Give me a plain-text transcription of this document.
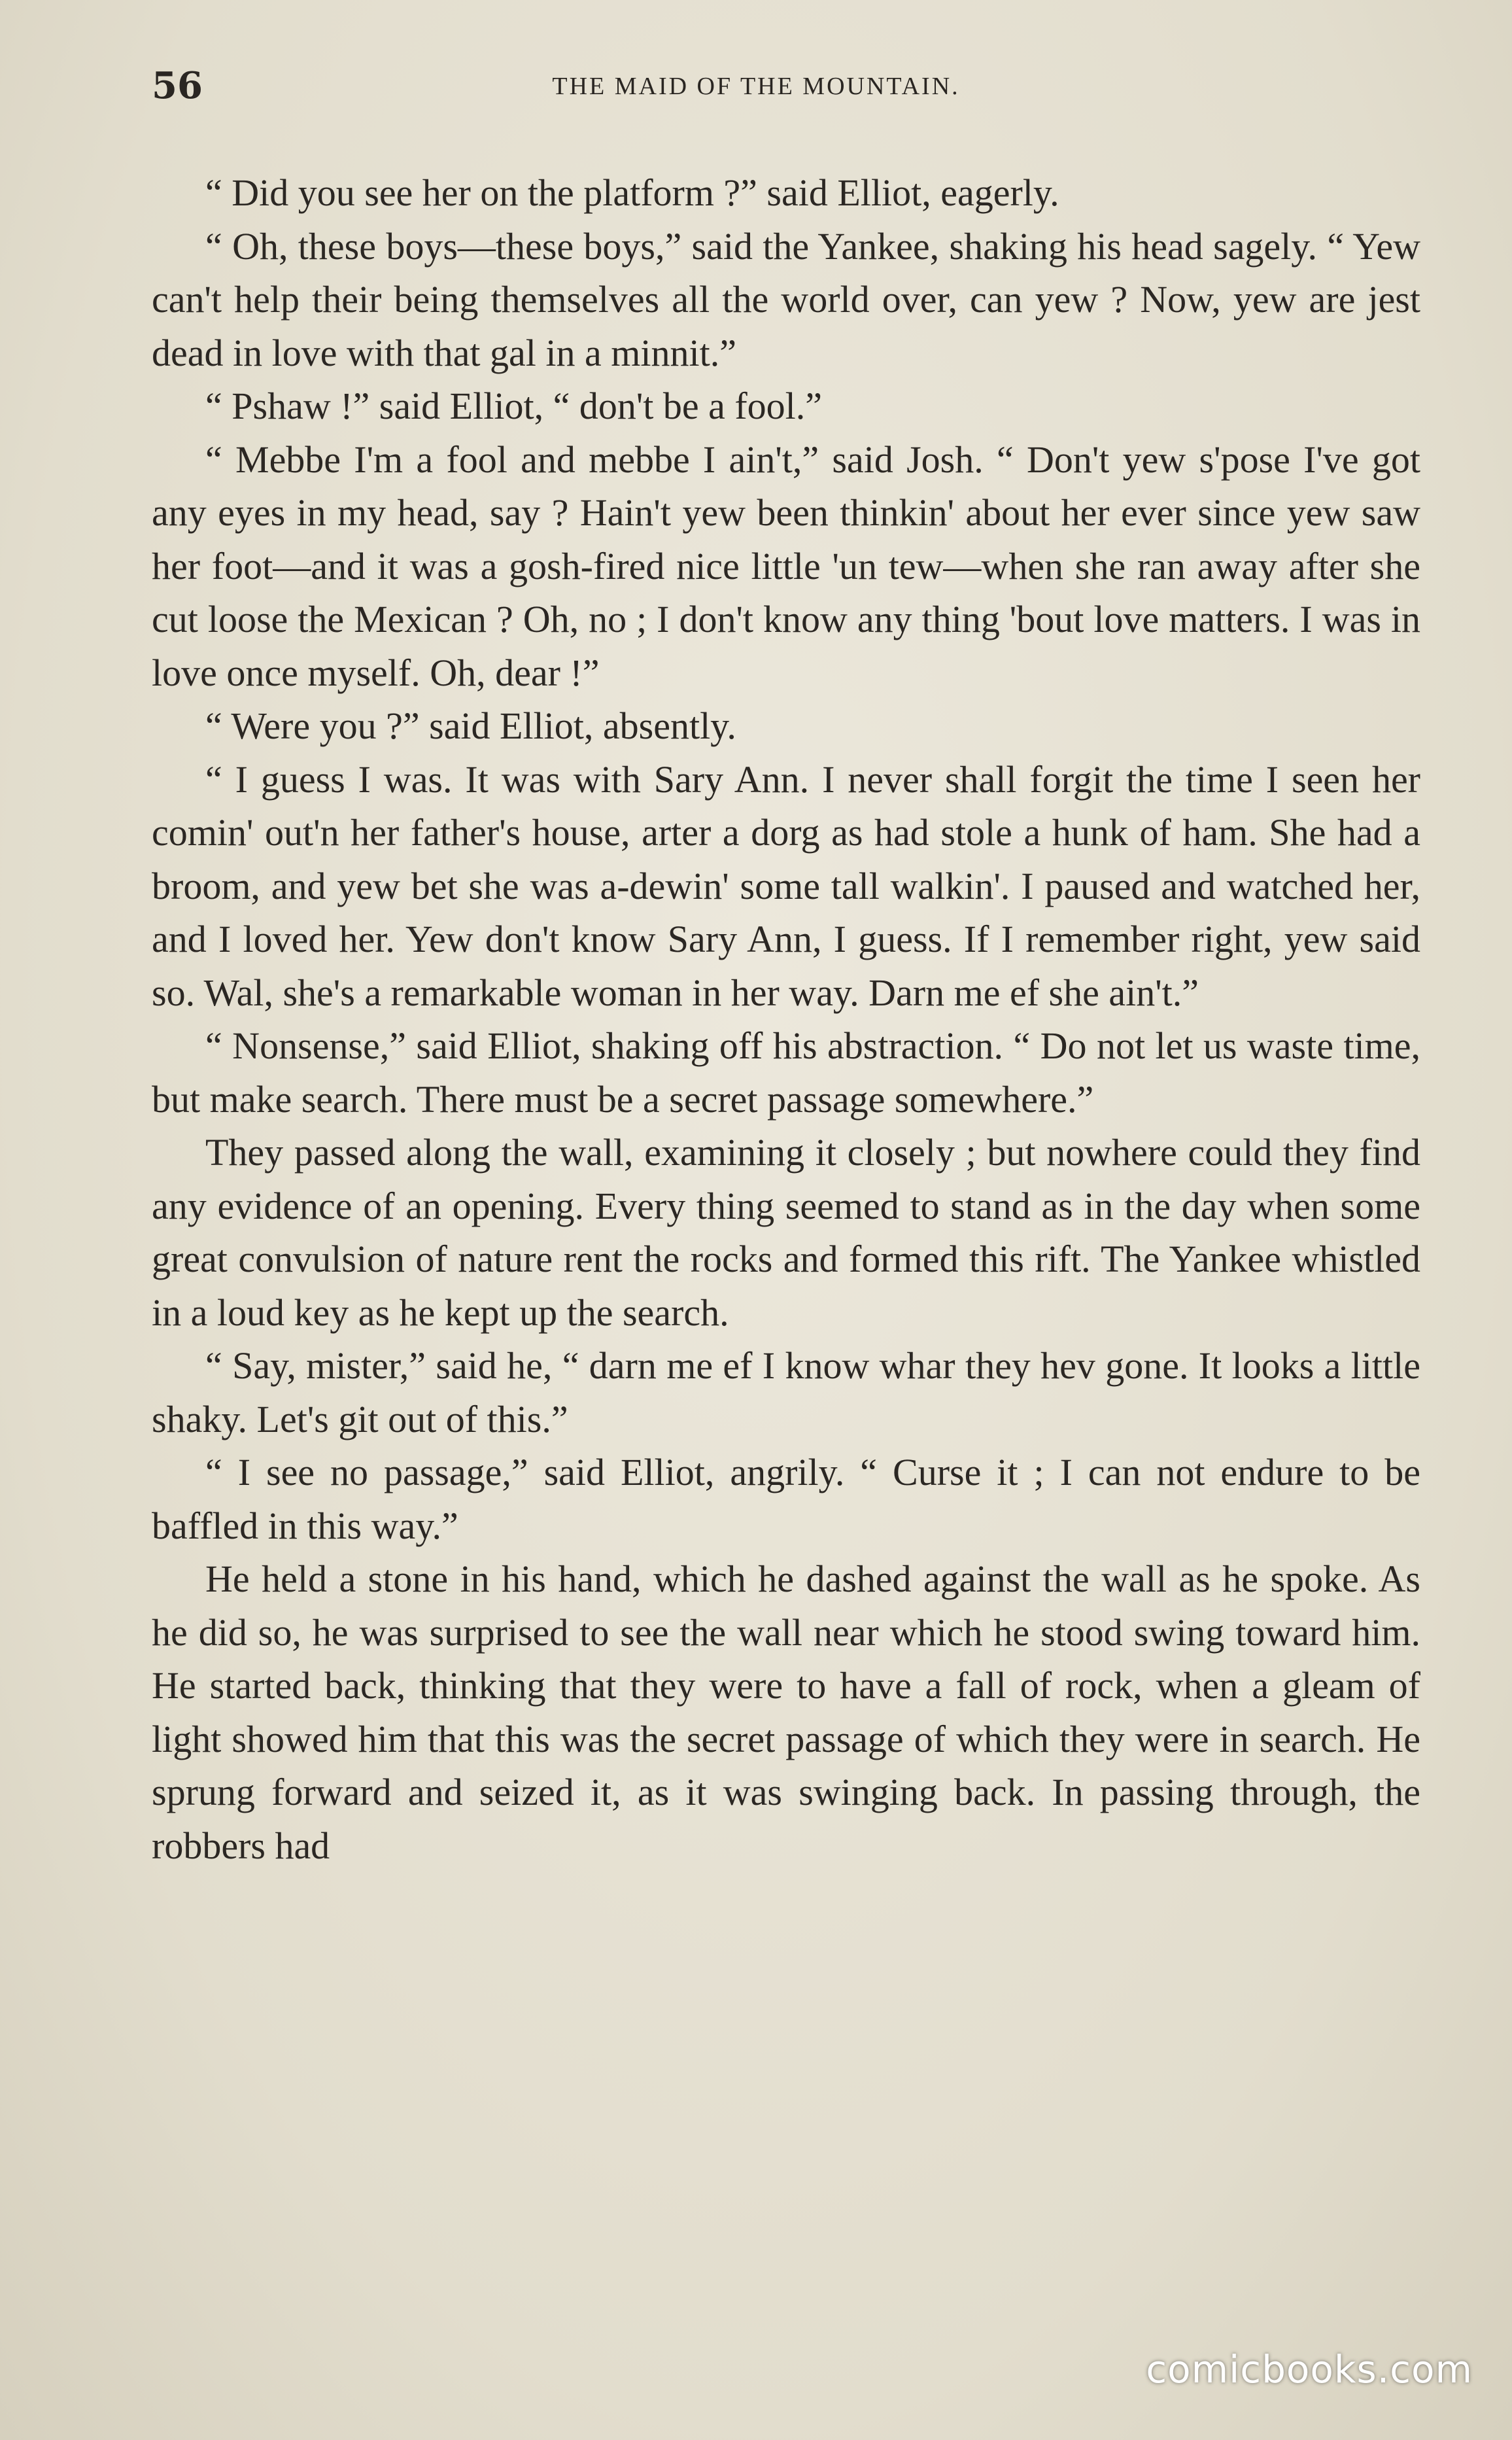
56	THE MAID OF THE MOUNTAIN.

“ Did you see her on the platform ?” said Elliot, eagerly.

“ Oh, these boys—these boys,” said the Yankee, shaking his head sagely. “ Yew can't help their being themselves all the world over, can yew ? Now, yew are jest dead in love with that gal in a minnit.”

“ Pshaw !” said Elliot, “ don't be a fool.”

“ Mebbe I'm a fool and mebbe I ain't,” said Josh. “ Don't yew s'pose I've got any eyes in my head, say ? Hain't yew been thinkin' about her ever since yew saw her foot—and it was a gosh-fired nice little 'un tew—when she ran away after she cut loose the Mexican ? Oh, no ; I don't know any thing 'bout love matters. I was in love once myself. Oh, dear !”

“ Were you ?” said Elliot, absently.

“ I guess I was. It was with Sary Ann. I never shall forgit the time I seen her comin' out'n her father's house, arter a dorg as had stole a hunk of ham. She had a broom, and yew bet she was a-dewin' some tall walkin'. I paused and watched her, and I loved her. Yew don't know Sary Ann, I guess. If I remember right, yew said so. Wal, she's a remarkable woman in her way. Darn me ef she ain't.”

“ Nonsense,” said Elliot, shaking off his abstraction. “ Do not let us waste time, but make search. There must be a secret passage somewhere.”

They passed along the wall, examining it closely ; but nowhere could they find any evidence of an opening. Every thing seemed to stand as in the day when some great convulsion of nature rent the rocks and formed this rift. The Yankee whistled in a loud key as he kept up the search.

“ Say, mister,” said he, “ darn me ef I know whar they hev gone. It looks a little shaky. Let's git out of this.”

“ I see no passage,” said Elliot, angrily. “ Curse it ; I can not endure to be baffled in this way.”

He held a stone in his hand, which he dashed against the wall as he spoke. As he did so, he was surprised to see the wall near which he stood swing toward him. He started back, thinking that they were to have a fall of rock, when a gleam of light showed him that this was the secret passage of which they were in search. He sprung forward and seized it, as it was swinging back. In passing through, the robbers had

comicbooks.com
